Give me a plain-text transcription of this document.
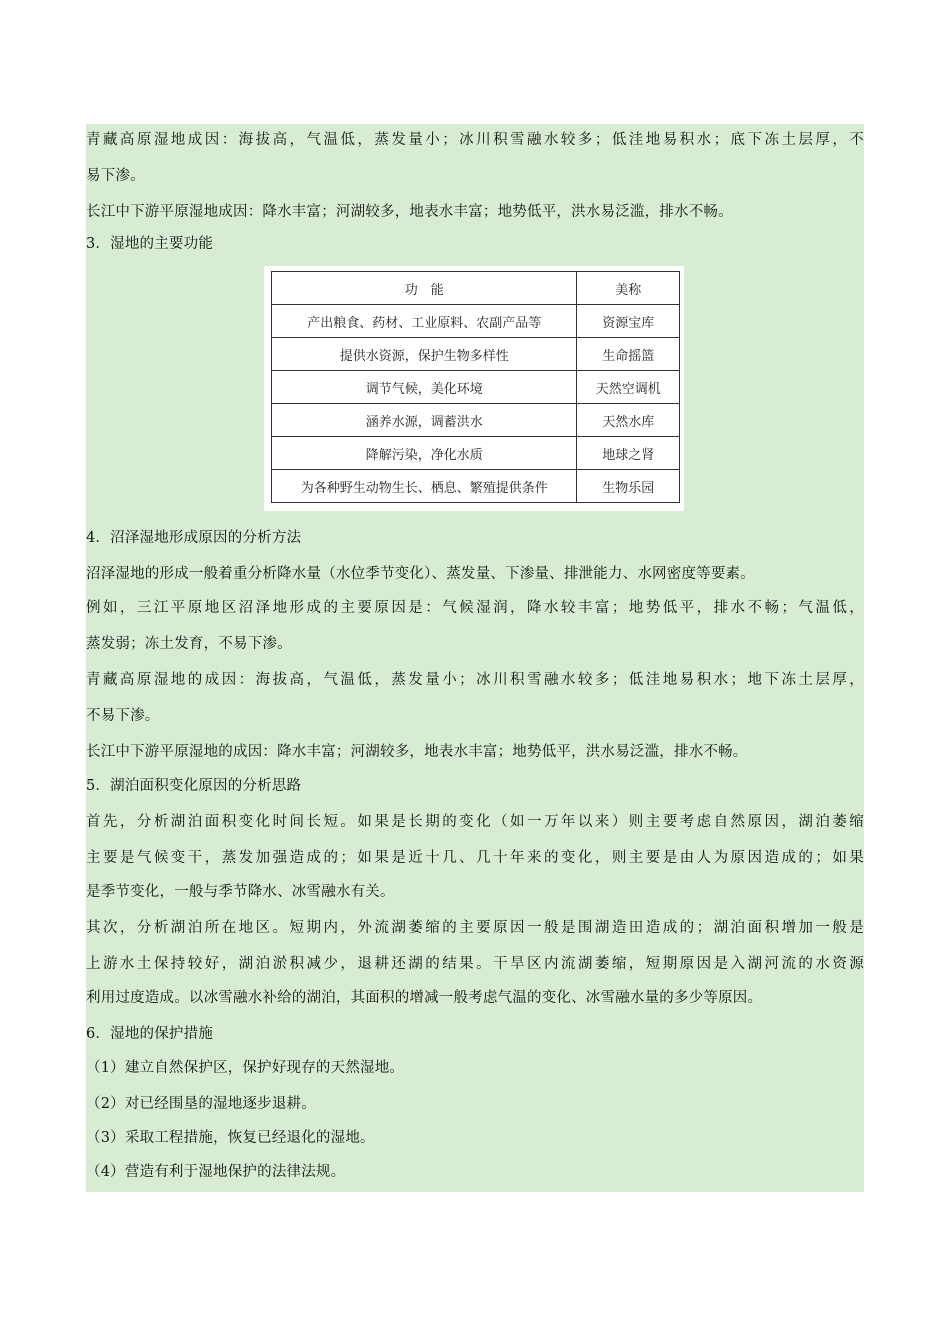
青藏高原湿地成因：海拔高，气温低，蒸发量小；冰川积雪融水较多；低洼地易积水；底下冻土层厚，不
易下渗。
长江中下游平原湿地成因：降水丰富；河湖较多，地表水丰富；地势低平，洪水易泛滥，排水不畅。
3．湿地的主要功能
功　能	美称
产出粮食、药材、工业原料、农副产品等	资源宝库
提供水资源，保护生物多样性	生命摇篮
调节气候，美化环境	天然空调机
涵养水源，调蓄洪水	天然水库
降解污染，净化水质	地球之肾
为各种野生动物生长、栖息、繁殖提供条件	生物乐园
4．沼泽湿地形成原因的分析方法
沼泽湿地的形成一般着重分析降水量（水位季节变化）、蒸发量、下渗量、排泄能力、水网密度等要素。
例如，三江平原地区沼泽地形成的主要原因是：气候湿润，降水较丰富；地势低平，排水不畅；气温低，
蒸发弱；冻土发育，不易下渗。
青藏高原湿地的成因：海拔高，气温低，蒸发量小；冰川积雪融水较多；低洼地易积水；地下冻土层厚，
不易下渗。
长江中下游平原湿地的成因：降水丰富；河湖较多，地表水丰富；地势低平，洪水易泛滥，排水不畅。
5．湖泊面积变化原因的分析思路
首先，分析湖泊面积变化时间长短。如果是长期的变化（如一万年以来）则主要考虑自然原因，湖泊萎缩
主要是气候变干，蒸发加强造成的；如果是近十几、几十年来的变化，则主要是由人为原因造成的；如果
是季节变化，一般与季节降水、冰雪融水有关。
其次，分析湖泊所在地区。短期内，外流湖萎缩的主要原因一般是围湖造田造成的；湖泊面积增加一般是
上游水土保持较好，湖泊淤积减少，退耕还湖的结果。干旱区内流湖萎缩，短期原因是入湖河流的水资源
利用过度造成。以冰雪融水补给的湖泊，其面积的增减一般考虑气温的变化、冰雪融水量的多少等原因。
6．湿地的保护措施
（1）建立自然保护区，保护好现存的天然湿地。
（2）对已经围垦的湿地逐步退耕。
（3）采取工程措施，恢复已经退化的湿地。
（4）营造有利于湿地保护的法律法规。
